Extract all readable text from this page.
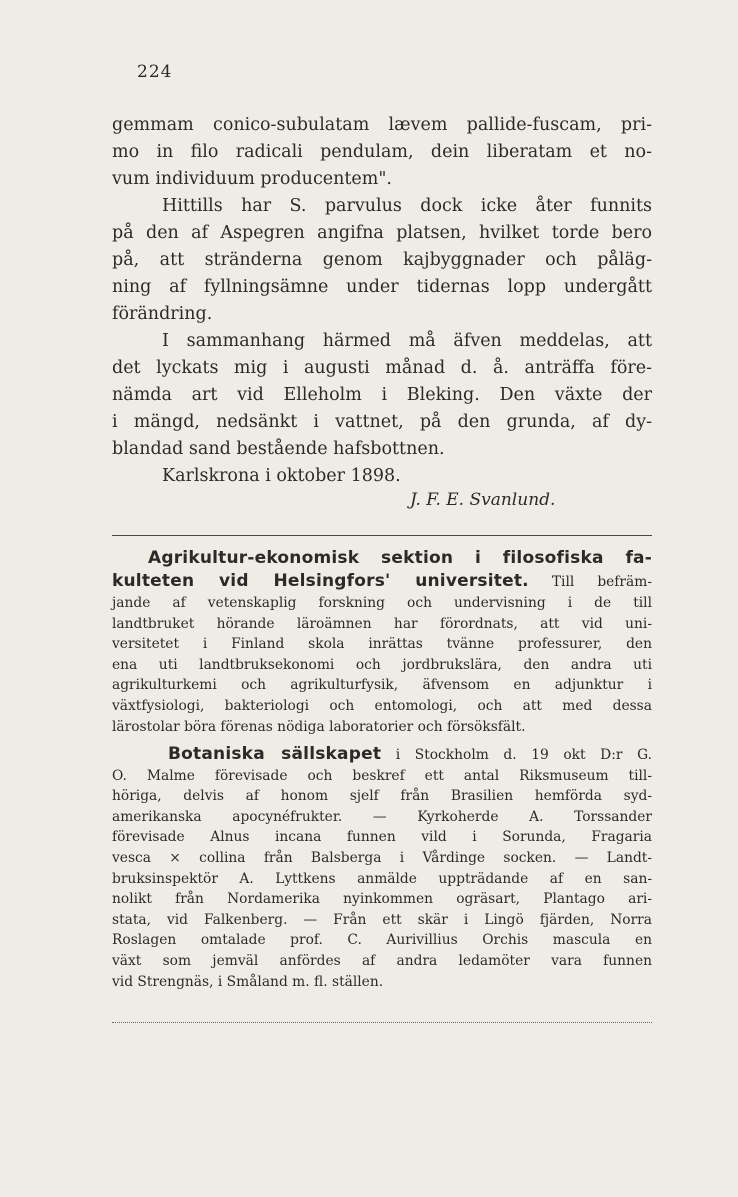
224
gemmam conico-subulatam lævem pallide-fuscam, pri-
mo in filo radicali pendulam, dein liberatam et no-
vum individuum producentem".
Hittills har S. parvulus dock icke åter funnits
på den af Aspegren angifna platsen, hvilket torde bero
på, att stränderna genom kajbyggnader och påläg-
ning af fyllningsämne under tidernas lopp undergått
förändring.
I sammanhang härmed må äfven meddelas, att
det lyckats mig i augusti månad d. å. anträffa före-
nämda art vid Elleholm i Bleking. Den växte der
i mängd, nedsänkt i vattnet, på den grunda, af dy-
blandad sand bestående hafsbottnen.
Karlskrona i oktober 1898.
J. F. E. Svanlund.
Agrikultur-ekonomisk sektion i filosofiska fa-
kulteten vid Helsingfors' universitet. Till befräm-
jande af vetenskaplig forskning och undervisning i de till
landtbruket hörande läroämnen har förordnats, att vid uni-
versitetet i Finland skola inrättas tvänne professurer, den
ena uti landtbruksekonomi och jordbrukslära, den andra uti
agrikulturkemi och agrikulturfysik, äfvensom en adjunktur i
växtfysiologi, bakteriologi och entomologi, och att med dessa
lärostolar böra förenas nödiga laboratorier och försöksfält.
Botaniska sällskapet i Stockholm d. 19 okt D:r G.
O. Malme förevisade och beskref ett antal Riksmuseum till-
höriga, delvis af honom sjelf från Brasilien hemförda syd-
amerikanska apocynéfrukter. — Kyrkoherde A. Torssander
förevisade Alnus incana funnen vild i Sorunda, Fragaria
vesca × collina från Balsberga i Vårdinge socken. — Landt-
bruksinspektör A. Lyttkens anmälde uppträdande af en san-
nolikt från Nordamerika nyinkommen ogräsart, Plantago ari-
stata, vid Falkenberg. — Från ett skär i Lingö fjärden, Norra
Roslagen omtalade prof. C. Aurivillius Orchis mascula en
växt som jemväl anfördes af andra ledamöter vara funnen
vid Strengnäs, i Småland m. fl. ställen.
